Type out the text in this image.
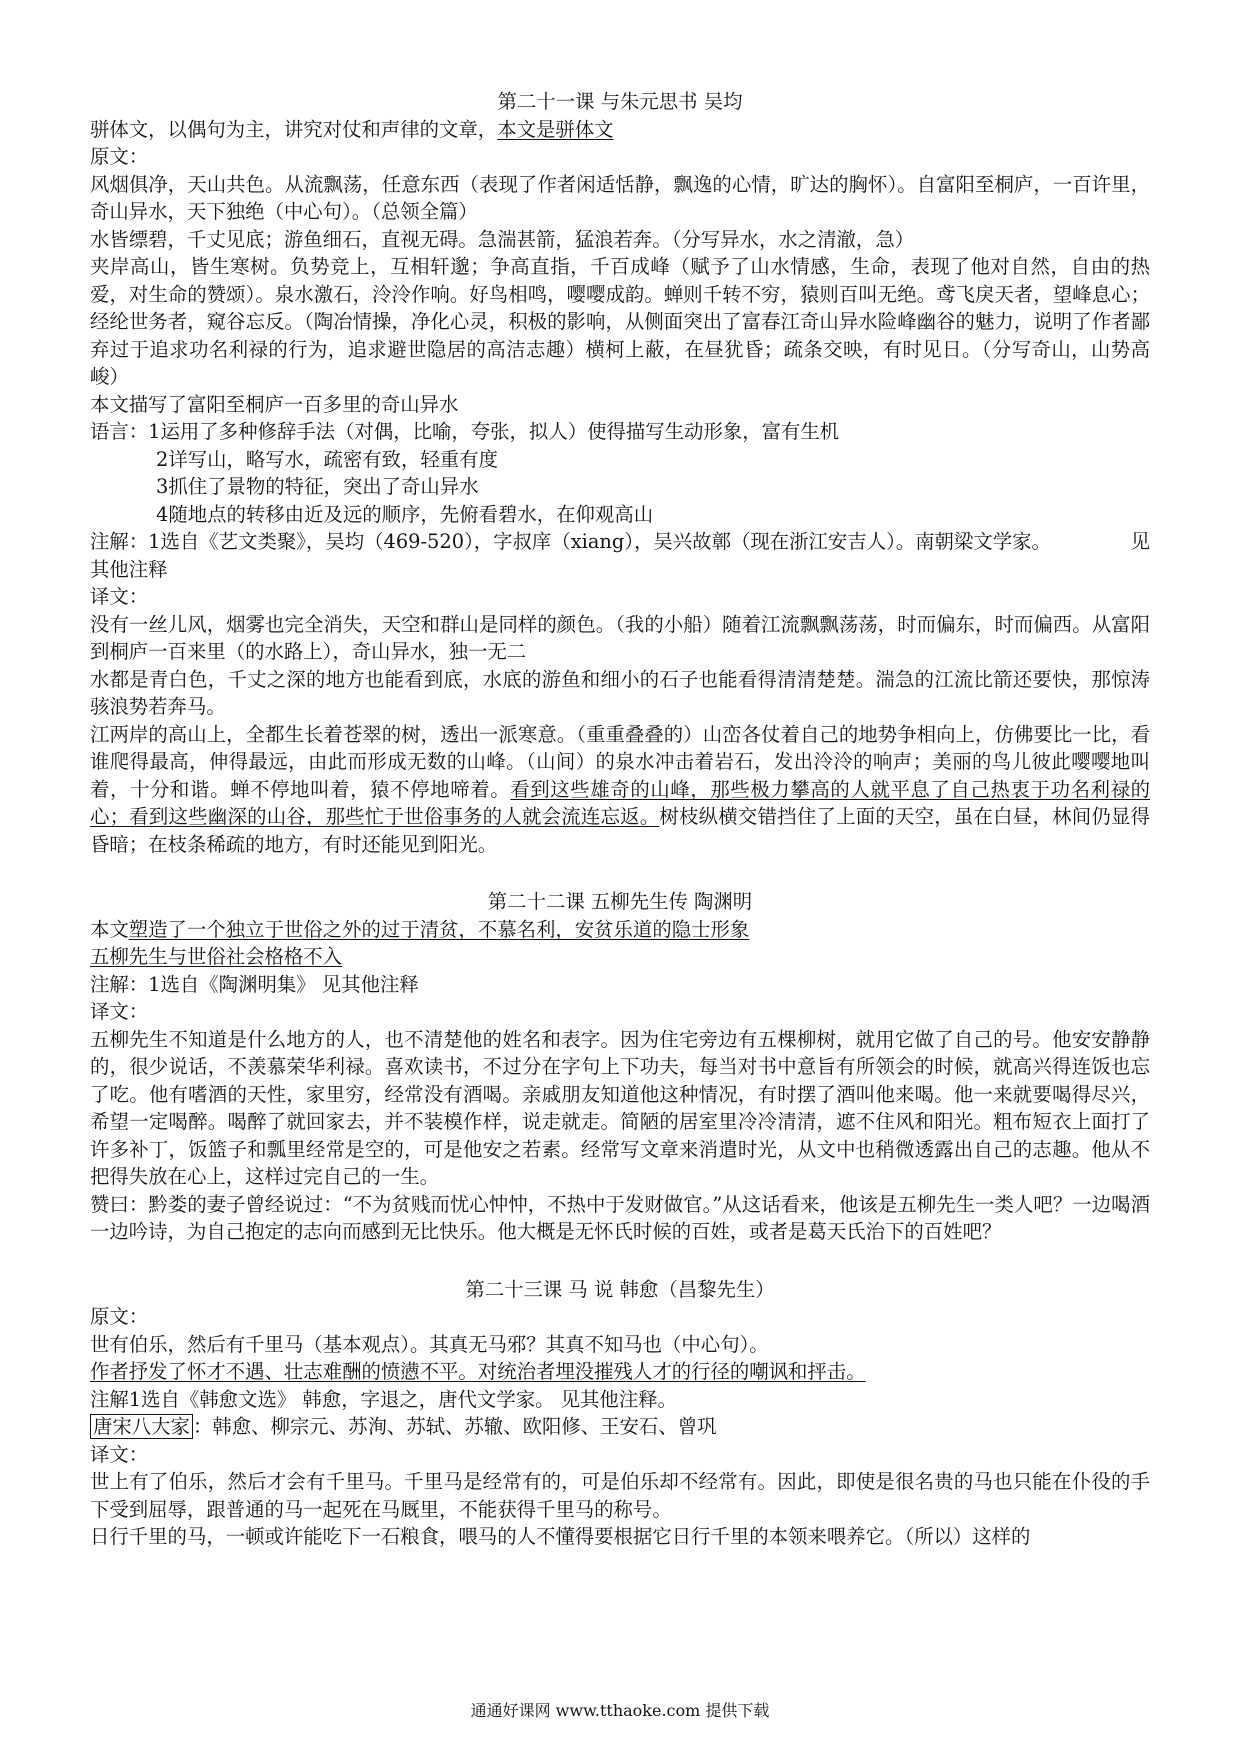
第二十一课 与朱元思书 吴均

骈体文，以偶句为主，讲究对仗和声律的文章，本文是骈体文

原文：

风烟俱净，天山共色。从流飘荡，任意东西（表现了作者闲适恬静，飘逸的心情，旷达的胸怀）。自富阳至桐庐，一百许里，奇山异水，天下独绝（中心句）。（总领全篇）

水皆缥碧，千丈见底；游鱼细石，直视无碍。急湍甚箭，猛浪若奔。（分写异水，水之清澈，急）

夹岸高山，皆生寒树。负势竞上，互相轩邈；争高直指，千百成峰（赋予了山水情感，生命，表现了他对自然，自由的热爱，对生命的赞颂）。泉水激石，泠泠作响。好鸟相鸣，嘤嘤成韵。蝉则千转不穷，猿则百叫无绝。鸢飞戾天者，望峰息心；经纶世务者，窥谷忘反。（陶冶情操，净化心灵，积极的影响，从侧面突出了富春江奇山异水险峰幽谷的魅力，说明了作者鄙弃过于追求功名利禄的行为，追求避世隐居的高洁志趣）横柯上蔽，在昼犹昏；疏条交映，有时见日。（分写奇山，山势高峻）

本文描写了富阳至桐庐一百多里的奇山异水

语言：1运用了多种修辞手法（对偶，比喻，夸张，拟人）使得描写生动形象，富有生机

2详写山，略写水，疏密有致，轻重有度

3抓住了景物的特征，突出了奇山异水

4随地点的转移由近及远的顺序，先俯看碧水，在仰观高山

注解：1选自《艺文类聚》，吴均（469-520），字叔庠（xiang），吴兴故鄣（现在浙江安吉人）。南朝梁文学家。	见

其他注释

译文：

没有一丝儿风，烟雾也完全消失，天空和群山是同样的颜色。（我的小船）随着江流飘飘荡荡，时而偏东，时而偏西。从富阳到桐庐一百来里（的水路上），奇山异水，独一无二

水都是青白色，千丈之深的地方也能看到底，水底的游鱼和细小的石子也能看得清清楚楚。湍急的江流比箭还要快，那惊涛骇浪势若奔马。

江两岸的高山上，全都生长着苍翠的树，透出一派寒意。（重重叠叠的）山峦各仗着自己的地势争相向上，仿佛要比一比，看谁爬得最高，伸得最远，由此而形成无数的山峰。（山间）的泉水冲击着岩石，发出泠泠的响声；美丽的鸟儿彼此嘤嘤地叫着，十分和谐。蝉不停地叫着，猿不停地啼着。看到这些雄奇的山峰，那些极力攀高的人就平息了自己热衷于功名利禄的心；看到这些幽深的山谷，那些忙于世俗事务的人就会流连忘返。树枝纵横交错挡住了上面的天空，虽在白昼，林间仍显得昏暗；在枝条稀疏的地方，有时还能见到阳光。

第二十二课 五柳先生传 陶渊明

本文塑造了一个独立于世俗之外的过于清贫，不慕名利，安贫乐道的隐士形象

五柳先生与世俗社会格格不入

注解：1选自《陶渊明集》 见其他注释

译文：

五柳先生不知道是什么地方的人，也不清楚他的姓名和表字。因为住宅旁边有五棵柳树，就用它做了自己的号。他安安静静的，很少说话，不羡慕荣华利禄。喜欢读书，不过分在字句上下功夫，每当对书中意旨有所领会的时候，就高兴得连饭也忘了吃。他有嗜酒的天性，家里穷，经常没有酒喝。亲戚朋友知道他这种情况，有时摆了酒叫他来喝。他一来就要喝得尽兴，希望一定喝醉。喝醉了就回家去，并不装模作样，说走就走。简陋的居室里冷冷清清，遮不住风和阳光。粗布短衣上面打了许多补丁，饭篮子和瓢里经常是空的，可是他安之若素。经常写文章来消遣时光，从文中也稍微透露出自己的志趣。他从不把得失放在心上，这样过完自己的一生。

赞曰：黔娄的妻子曾经说过：“不为贫贱而忧心忡忡，不热中于发财做官。”从这话看来，他该是五柳先生一类人吧？一边喝酒一边吟诗，为自己抱定的志向而感到无比快乐。他大概是无怀氏时候的百姓，或者是葛天氏治下的百姓吧？

第二十三课 马 说 韩愈（昌黎先生）

原文：

世有伯乐，然后有千里马（基本观点）。其真无马邪？其真不知马也（中心句）。

作者抒发了怀才不遇、壮志难酬的愤懑不平。对统治者埋没摧残人才的行径的嘲讽和抨击。

注解1选自《韩愈文选》 韩愈，字退之，唐代文学家。 见其他注释。

唐宋八大家 ：韩愈、柳宗元、苏洵、苏轼、苏辙、欧阳修、王安石、曾巩

译文：

世上有了伯乐，然后才会有千里马。千里马是经常有的，可是伯乐却不经常有。因此，即使是很名贵的马也只能在仆役的手下受到屈辱，跟普通的马一起死在马厩里，不能获得千里马的称号。

日行千里的马，一顿或许能吃下一石粮食，喂马的人不懂得要根据它日行千里的本领来喂养它。（所以）这样的

通通好课网 www.tthaoke.com 提供下载
